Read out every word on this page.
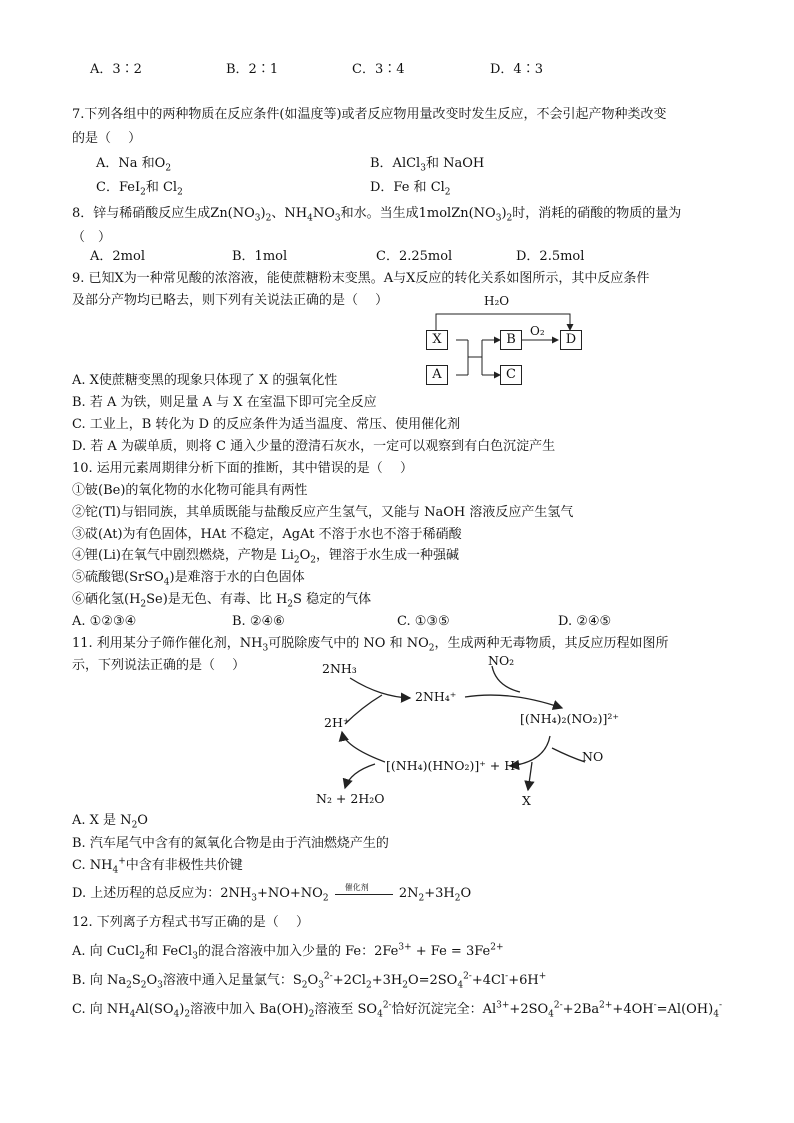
A．3∶2	B．2∶1	C．3∶4	D．4∶3
7.下列各组中的两种物质在反应条件(如温度等)或者反应物用量改变时发生反应，不会引起产物种类改变
的是（　 ）
A．Na 和$O_2$	B．AlCl$_3$和 NaOH
C．FeI$_2$和 $Cl_2$	D．Fe 和 $Cl_2$
8．锌与稀硝酸反应生成$Zn(NO_3)_2$、$NH_4NO_3$和水。当生成$1molZn(NO_3)_2$时，消耗的硝酸的物质的量为
（　）
A．2mol	B．1mol	C．2.25mol	D．2.5mol
9. 已知X为一种常见酸的浓溶液，能使蔗糖粉末变黑。A与X反应的转化关系如图所示，其中反应条件
及部分产物均已略去，则下列有关说法正确的是（　 ）	H₂O
O₂
X
A
B
C
D
A. X使蔗糖变黑的现象只体现了 X 的强氧化性
B. 若 A 为铁，则足量 A 与 X 在室温下即可完全反应
C. 工业上，B 转化为 D 的反应条件为适当温度、常压、使用催化剂
D. 若 A 为碳单质，则将 C 通入少量的澄清石灰水，一定可以观察到有白色沉淀产生
10. 运用元素周期律分析下面的推断，其中错误的是（　 ）
①铍(Be)的氧化物的水化物可能具有两性
②铊(Tl)与铝同族，其单质既能与盐酸反应产生氢气，又能与 NaOH 溶液反应产生氢气
③砹(At)为有色固体，HAt 不稳定，AgAt 不溶于水也不溶于稀硝酸
④锂(Li)在氧气中剧烈燃烧，产物是 $Li_2O_2$，锂溶于水生成一种强碱
⑤硫酸锶(SrSO$_4$)是难溶于水的白色固体
⑥硒化氢$(H_2Se)$是无色、有毒、比 $H_2S$ 稳定的气体
A. ①②③④	B. ②④⑥	C. ①③⑤	D. ②④⑤
11. 利用某分子筛作催化剂，$NH_3$可脱除废气中的 NO 和 $NO_2$，生成两种无毒物质，其反应历程如图所
示，下列说法正确的是（　 ）	2NH₃
2NH₄⁺
NO₂
[(NH₄)₂(NO₂)]²⁺
2H⁺
NO
[(NH₄)(HNO₂)]⁺ + H⁺
N₂ + 2H₂O	X
A. X 是 $N_2O$
B. 汽车尾气中含有的氮氧化合物是由于汽油燃烧产生的
C. $NH_4^+$中含有非极性共价键
D. 上述历程的总反应为：$2NH_3+NO+NO_2$
催化剂 $2N_2+3H_2O$
12. 下列离子方程式书写正确的是（　 ）
A. 向 CuCl$_2$和 FeCl$_3$的混合溶液中加入少量的 Fe：$2Fe^{3+} + Fe = 3Fe^{2+}$
B. 向 $Na_2S_2O_3$溶液中通入足量氯气：$S_2O_3^{2-}+2Cl_2+3H_2O=2SO_4^{2-}+4Cl^-+6H^+$
C. 向 $NH_4Al(SO_4)_2$溶液中加入 $Ba(OH)_2$溶液至 $SO_4^{2-}$恰好沉淀完全：$Al^{3+}+2SO_4^{2-}+2Ba^{2+}+4OH^-=Al(OH)_4^-$
